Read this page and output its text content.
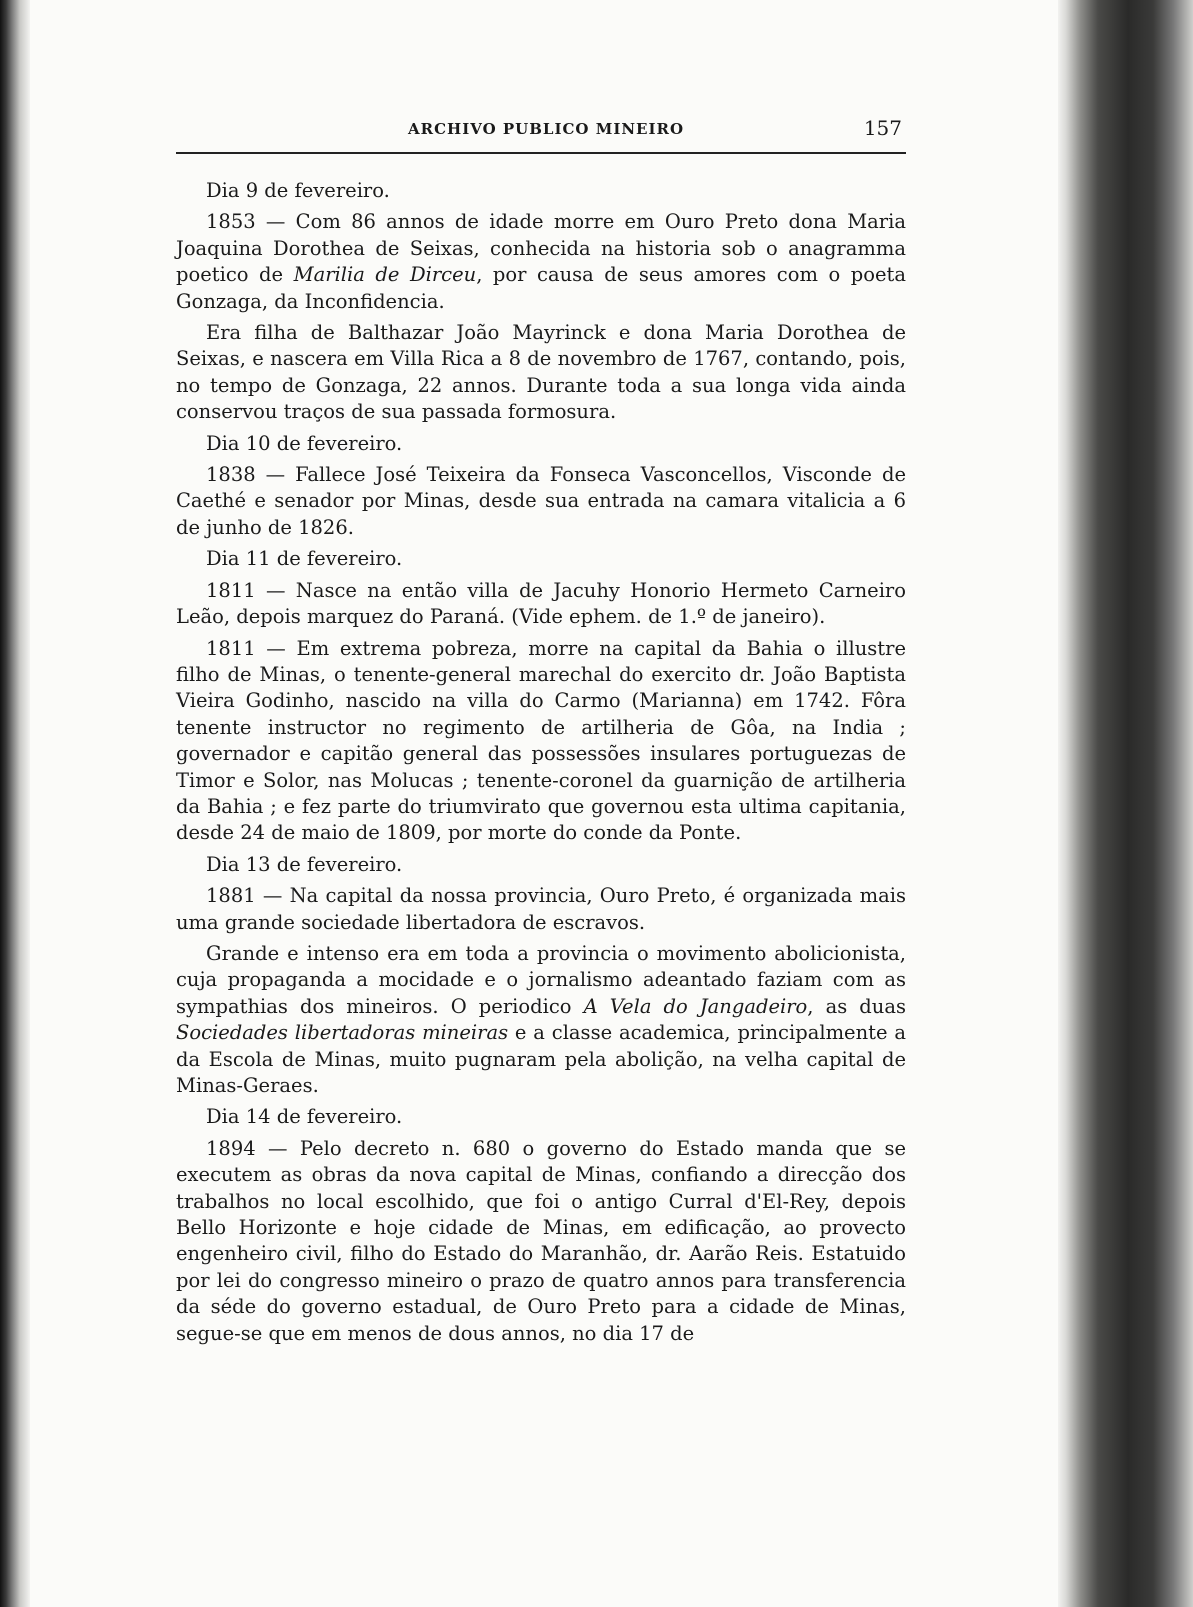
ARCHIVO PUBLICO MINEIRO	157

Dia 9 de fevereiro.

1853 — Com 86 annos de idade morre em Ouro Preto dona Maria Joaquina Dorothea de Seixas, conhecida na historia sob o anagramma poetico de Marilia de Dirceu, por causa de seus amores com o poeta Gonzaga, da Inconfidencia.

Era filha de Balthazar João Mayrinck e dona Maria Dorothea de Seixas, e nascera em Villa Rica a 8 de novembro de 1767, contando, pois, no tempo de Gonzaga, 22 annos. Durante toda a sua longa vida ainda conservou traços de sua passada formosura.

Dia 10 de fevereiro.

1838 — Fallece José Teixeira da Fonseca Vasconcellos, Visconde de Caethé e senador por Minas, desde sua entrada na camara vitalicia a 6 de junho de 1826.

Dia 11 de fevereiro.

1811 — Nasce na então villa de Jacuhy Honorio Hermeto Carneiro Leão, depois marquez do Paraná. (Vide ephem. de 1.º de janeiro).

1811 — Em extrema pobreza, morre na capital da Bahia o illustre filho de Minas, o tenente-general marechal do exercito dr. João Baptista Vieira Godinho, nascido na villa do Carmo (Marianna) em 1742. Fôra tenente instructor no regimento de artilheria de Gôa, na India ; governador e capitão general das possessões insulares portuguezas de Timor e Solor, nas Molucas ; tenente-coronel da guarnição de artilheria da Bahia ; e fez parte do triumvirato que governou esta ultima capitania, desde 24 de maio de 1809, por morte do conde da Ponte.

Dia 13 de fevereiro.

1881 — Na capital da nossa provincia, Ouro Preto, é organizada mais uma grande sociedade libertadora de escravos.

Grande e intenso era em toda a provincia o movimento abolicionista, cuja propaganda a mocidade e o jornalismo adeantado faziam com as sympathias dos mineiros. O periodico A Vela do Jangadeiro, as duas Sociedades libertadoras mineiras e a classe academica, principalmente a da Escola de Minas, muito pugnaram pela abolição, na velha capital de Minas-Geraes.

Dia 14 de fevereiro.

1894 — Pelo decreto n. 680 o governo do Estado manda que se executem as obras da nova capital de Minas, confiando a direcção dos trabalhos no local escolhido, que foi o antigo Curral d'El-Rey, depois Bello Horizonte e hoje cidade de Minas, em edificação, ao provecto engenheiro civil, filho do Estado do Maranhão, dr. Aarão Reis. Estatuido por lei do congresso mineiro o prazo de quatro annos para transferencia da séde do governo estadual, de Ouro Preto para a cidade de Minas, segue-se que em menos de dous annos, no dia 17 de
